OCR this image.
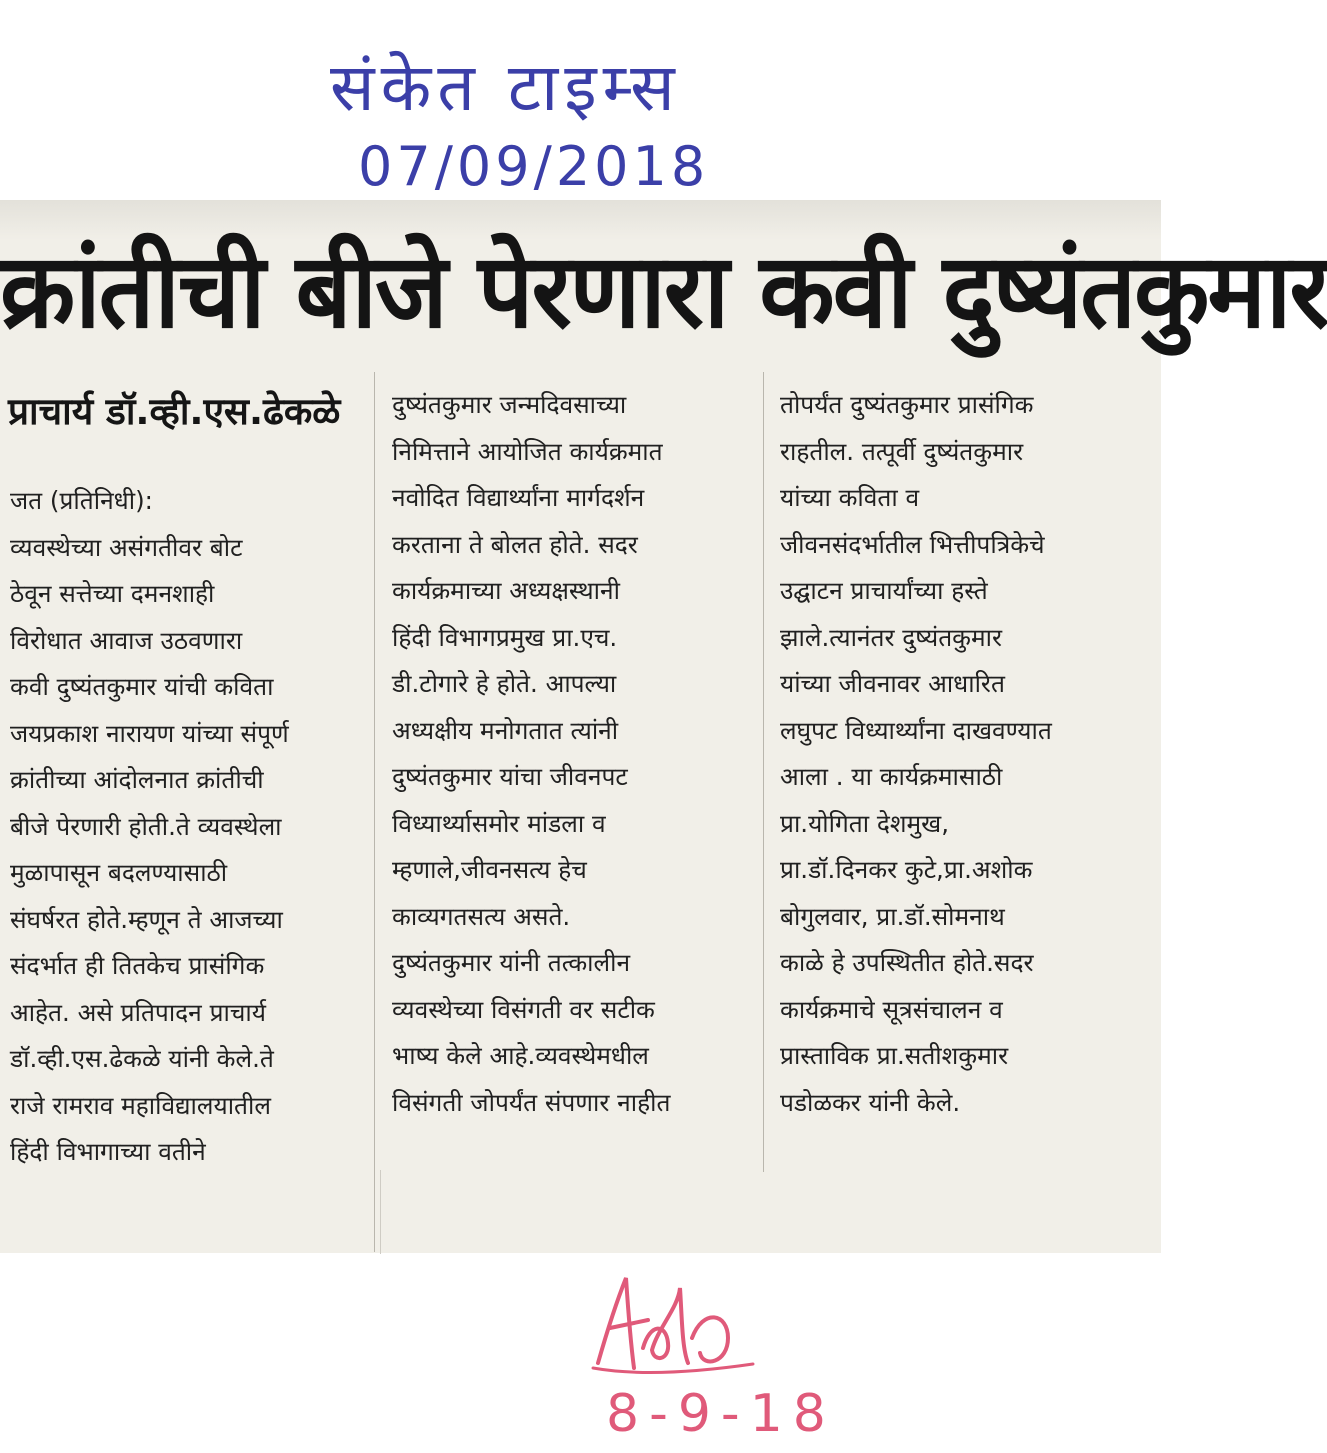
संकेत टाइम्स
07/09/2018
क्रांतीची बीजे पेरणारा कवी दुष्यंतकुमार
प्राचार्य डॉ.व्ही.एस.ढेकळे
जत (प्रतिनिधी):
व्यवस्थेच्या असंगतीवर बोट
ठेवून सत्तेच्या दमनशाही
विरोधात आवाज उठवणारा
कवी दुष्यंतकुमार यांची कविता
जयप्रकाश नारायण यांच्या संपूर्ण
क्रांतीच्या आंदोलनात क्रांतीची
बीजे पेरणारी होती.ते व्यवस्थेला
मुळापासून बदलण्यासाठी
संघर्षरत होते.म्हणून ते आजच्या
संदर्भात ही तितकेच प्रासंगिक
आहेत. असे प्रतिपादन प्राचार्य
डॉ.व्ही.एस.ढेकळे यांनी केले.ते
राजे रामराव महाविद्यालयातील
हिंदी विभागाच्या वतीने
दुष्यंतकुमार जन्मदिवसाच्या
निमित्ताने आयोजित कार्यक्रमात
नवोदित विद्यार्थ्यांना मार्गदर्शन
करताना ते बोलत होते. सदर
कार्यक्रमाच्या अध्यक्षस्थानी
हिंदी विभागप्रमुख प्रा.एच.
डी.टोगारे हे होते. आपल्या
अध्यक्षीय मनोगतात त्यांनी
दुष्यंतकुमार यांचा जीवनपट
विध्यार्थ्यासमोर मांडला व
म्हणाले,जीवनसत्य हेच
काव्यगतसत्य असते.
दुष्यंतकुमार यांनी तत्कालीन
व्यवस्थेच्या विसंगती वर सटीक
भाष्य केले आहे.व्यवस्थेमधील
विसंगती जोपर्यंत संपणार नाहीत
तोपर्यंत दुष्यंतकुमार प्रासंगिक
राहतील. तत्पूर्वी दुष्यंतकुमार
यांच्या कविता व
जीवनसंदर्भातील भित्तीपत्रिकेचे
उद्घाटन प्राचार्यांच्या हस्ते
झाले.त्यानंतर दुष्यंतकुमार
यांच्या जीवनावर आधारित
लघुपट विध्यार्थ्यांना दाखवण्यात
आला . या कार्यक्रमासाठी
प्रा.योगिता देशमुख,
प्रा.डॉ.दिनकर कुटे,प्रा.अशोक
बोगुलवार, प्रा.डॉ.सोमनाथ
काळे हे उपस्थितीत होते.सदर
कार्यक्रमाचे सूत्रसंचालन व
प्रास्ताविक प्रा.सतीशकुमार
पडोळकर यांनी केले.
8-9-18
